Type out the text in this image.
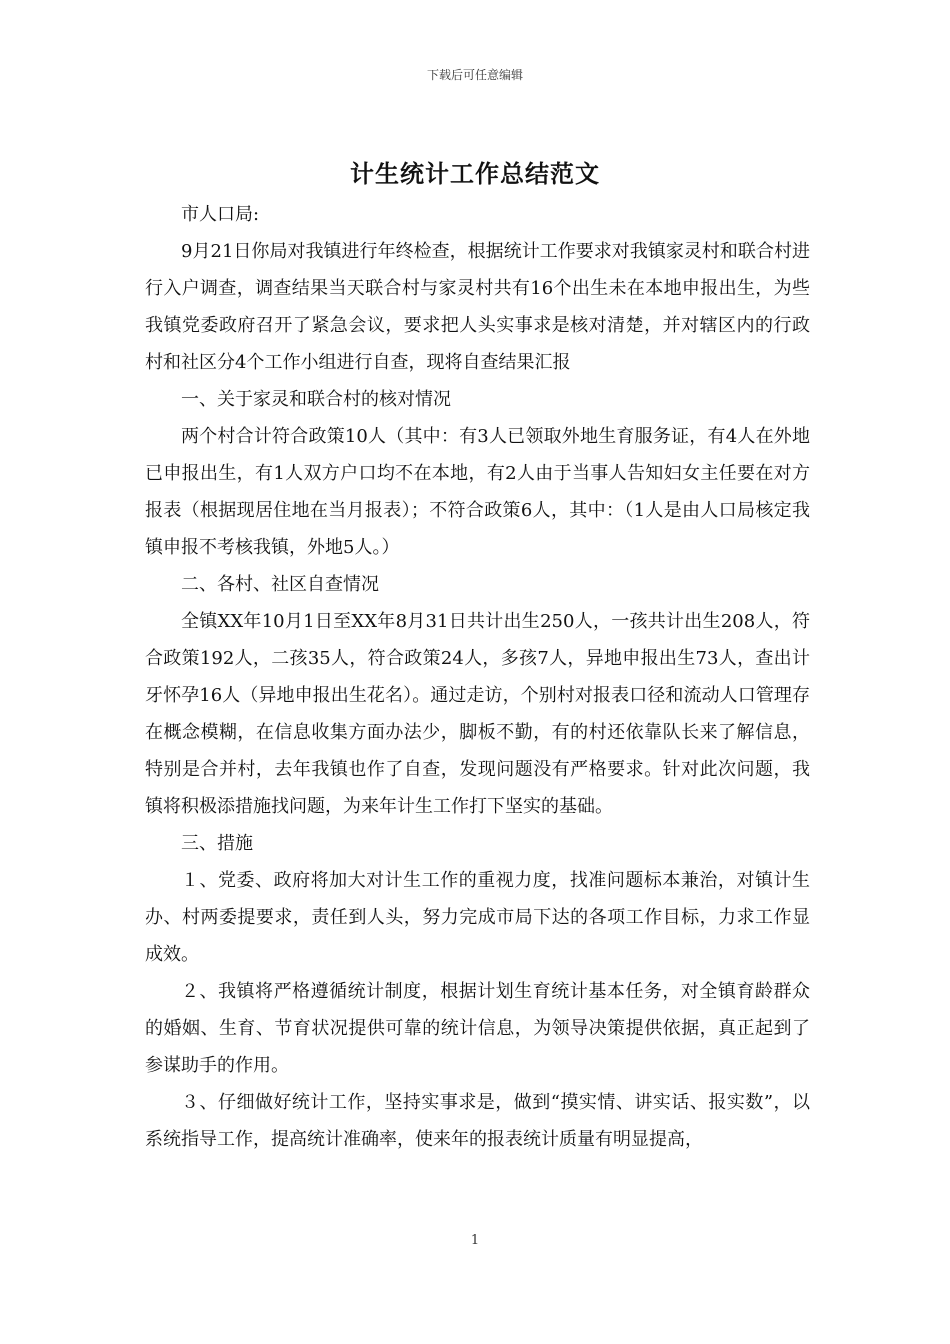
下载后可任意编辑
计生统计工作总结范文

市人口局:

9月21日你局对我镇进行年终检查，根据统计工作要求对我镇家灵村和联合村进行入户调查，调查结果当天联合村与家灵村共有16个出生未在本地申报出生，为些我镇党委政府召开了紧急会议，要求把人头实事求是核对清楚，并对辖区内的行政村和社区分4个工作小组进行自查，现将自查结果汇报

一、关于家灵和联合村的核对情况

两个村合计符合政策10人（其中：有3人已领取外地生育服务证，有4人在外地已申报出生，有1人双方户口均不在本地，有2人由于当事人告知妇女主任要在对方报表（根据现居住地在当月报表）；不符合政策6人，其中：（1人是由人口局核定我镇申报不考核我镇，外地5人。）

二、各村、社区自查情况

全镇XX年10月1日至XX年8月31日共计出生250人，一孩共计出生208人，符合政策192人，二孩35人，符合政策24人，多孩7人，异地申报出生73人，查出计牙怀孕16人（异地申报出生花名）。通过走访，个别村对报表口径和流动人口管理存在概念模糊，在信息收集方面办法少，脚板不勤，有的村还依靠队长来了解信息，特别是合并村，去年我镇也作了自查，发现问题没有严格要求。针对此次问题，我镇将积极添措施找问题，为来年计生工作打下坚实的基础。

三、措施

１、党委、政府将加大对计生工作的重视力度，找准问题标本兼治，对镇计生办、村两委提要求，责任到人头，努力完成市局下达的各项工作目标，力求工作显成效。

２、我镇将严格遵循统计制度，根据计划生育统计基本任务，对全镇育龄群众的婚姻、生育、节育状况提供可靠的统计信息，为领导决策提供依据，真正起到了参谋助手的作用。

３、仔细做好统计工作，坚持实事求是，做到“摸实情、讲实话、报实数”，以系统指导工作，提高统计准确率，使来年的报表统计质量有明显提高，

1
